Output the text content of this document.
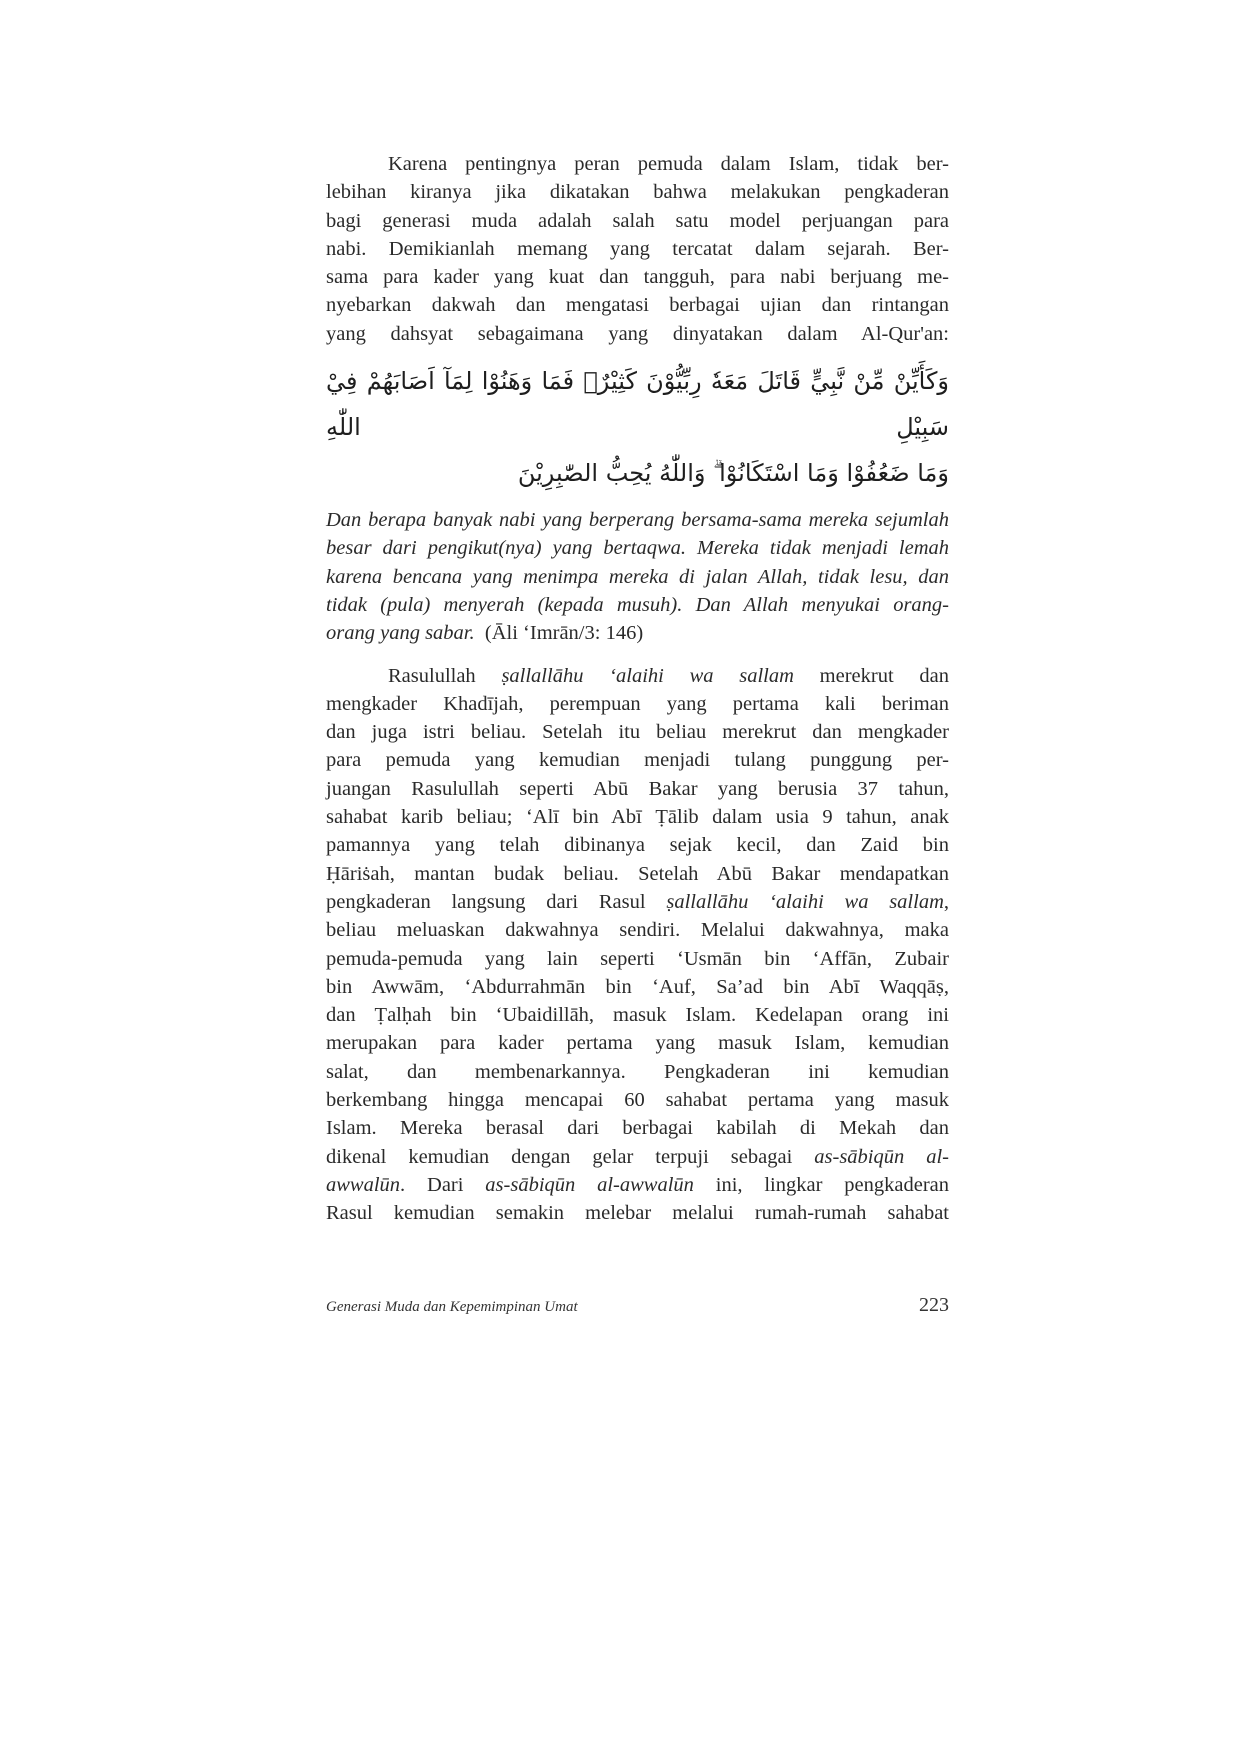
Karena pentingnya peran pemuda dalam Islam, tidak ber-
lebihan kiranya jika dikatakan bahwa melakukan pengkaderan
bagi generasi muda adalah salah satu model perjuangan para
nabi. Demikianlah memang yang tercatat dalam sejarah. Ber-
sama para kader yang kuat dan tangguh, para nabi berjuang me-
nyebarkan dakwah dan mengatasi berbagai ujian dan rintangan
yang dahsyat sebagaimana yang dinyatakan dalam Al-Qur'an:
وَكَأَيِّنْ مِّنْ نَّبِيٍّ قَاتَلَ مَعَهٗ رِبِّيُّوْنَ كَثِيْرٌۚ فَمَا وَهَنُوْا لِمَآ اَصَابَهُمْ فِيْ سَبِيْلِ اللّٰهِ
وَمَا ضَعُفُوْا وَمَا اسْتَكَانُوْا ۗ وَاللّٰهُ يُحِبُّ الصّٰبِرِيْنَ
Dan berapa banyak nabi yang berperang bersama-sama mereka sejumlah
besar dari pengikut(nya) yang bertaqwa. Mereka tidak menjadi lemah
karena bencana yang menimpa mereka di jalan Allah, tidak lesu, dan
tidak (pula) menyerah (kepada musuh). Dan Allah menyukai orang-
orang yang sabar.  (Āli ‘Imrān/3: 146)
Rasulullah ṣallallāhu ‘alaihi wa sallam merekrut dan
mengkader Khadījah, perempuan yang pertama kali beriman
dan juga istri beliau. Setelah itu beliau merekrut dan mengkader
para pemuda yang kemudian menjadi tulang punggung per-
juangan Rasulullah seperti Abū Bakar yang berusia 37 tahun,
sahabat karib beliau; ‘Alī bin Abī Ṭālib dalam usia 9 tahun, anak
pamannya yang telah dibinanya sejak kecil, dan Zaid bin
Ḥāriṡah, mantan budak beliau. Setelah Abū Bakar mendapatkan
pengkaderan langsung dari Rasul ṣallallāhu ‘alaihi wa sallam,
beliau meluaskan dakwahnya sendiri. Melalui dakwahnya, maka
pemuda-pemuda yang lain seperti ‘Usmān bin ‘Affān, Zubair
bin Awwām, ‘Abdurrahmān bin ‘Auf, Sa’ad bin Abī Waqqāṣ,
dan Ṭalḥah bin ‘Ubaidillāh, masuk Islam. Kedelapan orang ini
merupakan para kader pertama yang masuk Islam, kemudian
salat, dan membenarkannya. Pengkaderan ini kemudian
berkembang hingga mencapai 60 sahabat pertama yang masuk
Islam. Mereka berasal dari berbagai kabilah di Mekah dan
dikenal kemudian dengan gelar terpuji sebagai as-sābiqūn al-
awwalūn. Dari as-sābiqūn al-awwalūn ini, lingkar pengkaderan
Rasul kemudian semakin melebar melalui rumah-rumah sahabat
Generasi Muda dan Kepemimpinan Umat	223
